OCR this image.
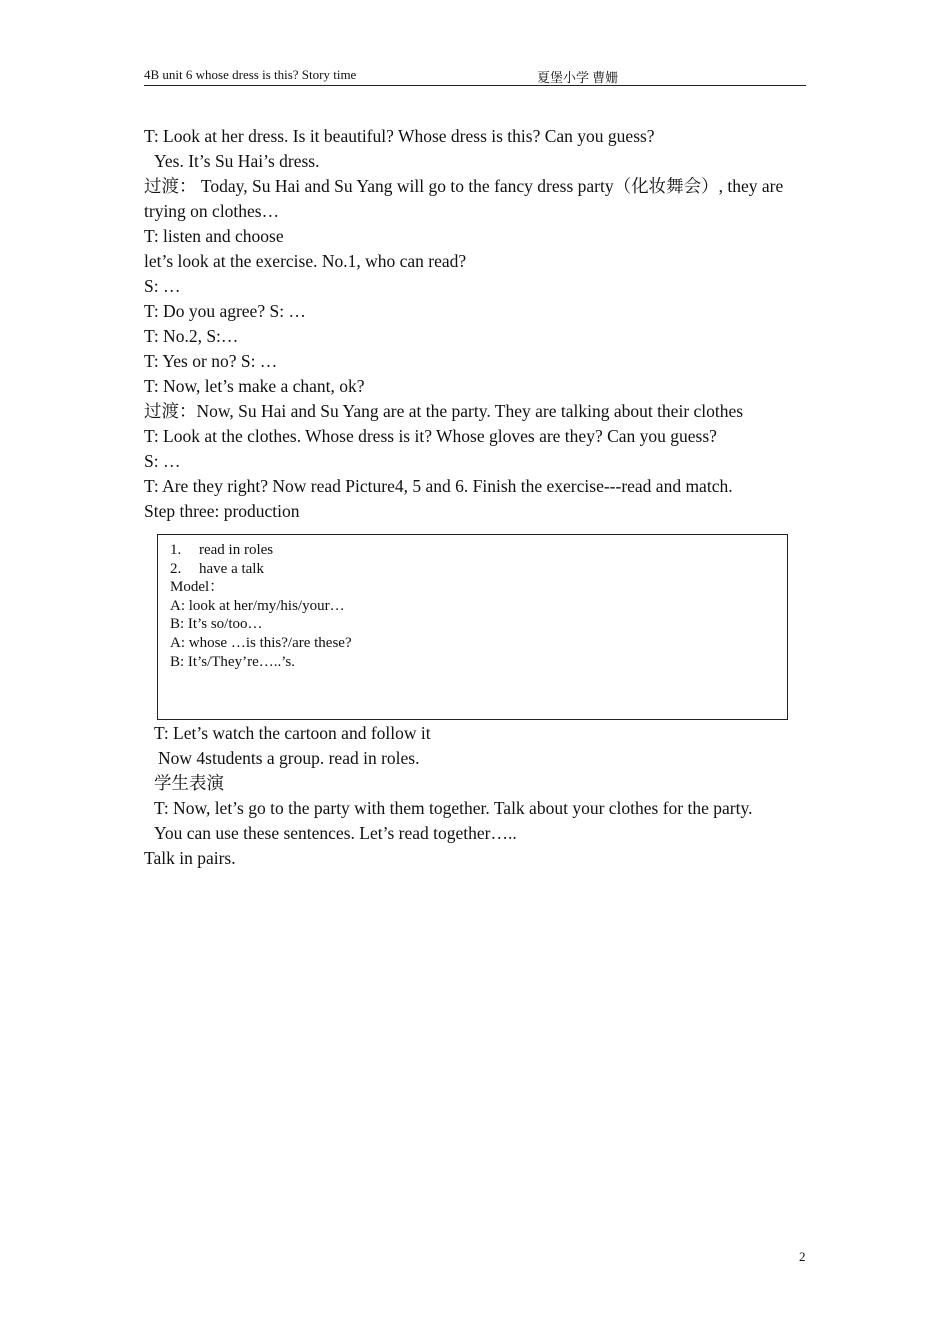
4B unit 6 whose dress is this? Story time	夏堡小学 曹姗

T: Look at her dress. Is it beautiful? Whose dress is this? Can you guess?

Yes. It’s Su Hai’s dress.

过渡： Today, Su Hai and Su Yang will go to the fancy dress party（化妆舞会）, they are trying on clothes…

T: listen and choose

let’s look at the exercise. No.1, who can read?

S: …

T: Do you agree? S: …

T: No.2, S:…

T: Yes or no? S: …

T: Now, let’s make a chant, ok?

过渡：Now, Su Hai and Su Yang are at the party. They are talking about their clothes

T: Look at the clothes. Whose dress is it? Whose gloves are they? Can you guess?

S: …

T: Are they right? Now read Picture4, 5 and 6. Finish the exercise---read and match.

Step three: production

1. read in roles

2. have a talk

Model：

A: look at her/my/his/your…

B: It’s so/too…

A: whose …is this?/are these?

B: It’s/They’re…..’s.

T: Let’s watch the cartoon and follow it

Now 4students a group. read in roles.

学生表演

T: Now, let’s go to the party with them together. Talk about your clothes for the party.

You can use these sentences. Let’s read together…..

Talk in pairs.

2
